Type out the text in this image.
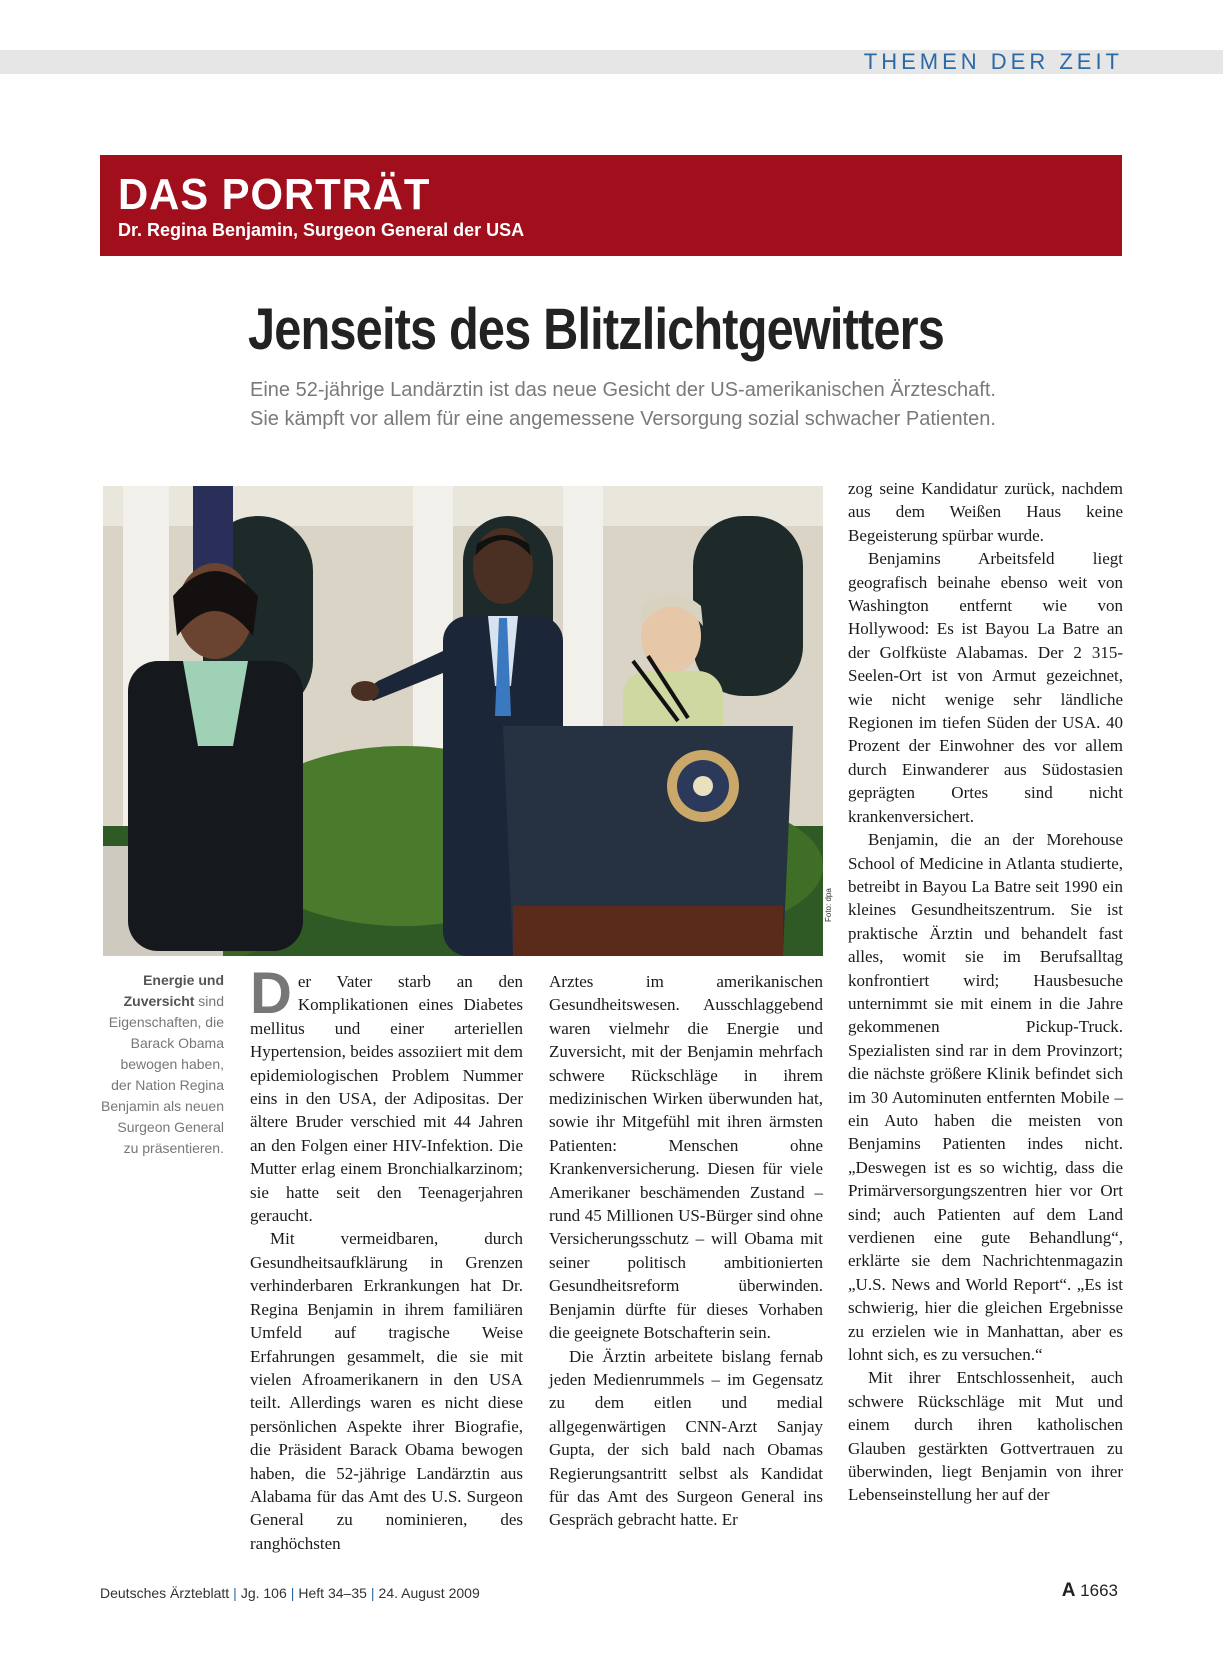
THEMEN DER ZEIT
DAS PORTRÄT
Dr. Regina Benjamin, Surgeon General der USA
Jenseits des Blitzlichtgewitters
Eine 52-jährige Landärztin ist das neue Gesicht der US-amerikanischen Ärzteschaft.
Sie kämpft vor allem für eine angemessene Versorgung sozial schwacher Patienten.
Foto: dpa
Energie und Zuversicht sind Eigenschaften, die Barack Obama bewogen haben, der Nation Regina Benjamin als neuen Surgeon General zu präsentieren.
D er Vater starb an den Komplikationen eines Diabetes mellitus und einer arteriellen Hypertension, beides assoziiert mit dem epidemiologischen Problem Nummer eins in den USA, der Adipositas. Der ältere Bruder verschied mit 44 Jahren an den Folgen einer HIV-Infektion. Die Mutter erlag einem Bronchialkarzinom; sie hatte seit den Teenagerjahren geraucht.

Mit vermeidbaren, durch Gesundheitsaufklärung in Grenzen verhinderbaren Erkrankungen hat Dr. Regina Benjamin in ihrem familiären Umfeld auf tragische Weise Erfahrungen gesammelt, die sie mit vielen Afroamerikanern in den USA teilt. Allerdings waren es nicht diese persönlichen Aspekte ihrer Biografie, die Präsident Barack Obama bewogen haben, die 52-jährige Landärztin aus Alabama für das Amt des U.S. Surgeon General zu nominieren, des ranghöchsten

Arztes im amerikanischen Gesundheitswesen. Ausschlaggebend waren vielmehr die Energie und Zuversicht, mit der Benjamin mehrfach schwere Rückschläge in ihrem medizinischen Wirken überwunden hat, sowie ihr Mitgefühl mit ihren ärmsten Patienten: Menschen ohne Krankenversicherung. Diesen für viele Amerikaner beschämenden Zustand – rund 45 Millionen US-Bürger sind ohne Versicherungsschutz – will Obama mit seiner politisch ambitionierten Gesundheitsreform überwinden. Benjamin dürfte für dieses Vorhaben die geeignete Botschafterin sein.

Die Ärztin arbeitete bislang fernab jeden Medienrummels – im Gegensatz zu dem eitlen und medial allgegenwärtigen CNN-Arzt Sanjay Gupta, der sich bald nach Obamas Regierungsantritt selbst als Kandidat für das Amt des Surgeon General ins Gespräch gebracht hatte. Er

zog seine Kandidatur zurück, nachdem aus dem Weißen Haus keine Begeisterung spürbar wurde.

Benjamins Arbeitsfeld liegt geografisch beinahe ebenso weit von Washington entfernt wie von Hollywood: Es ist Bayou La Batre an der Golfküste Alabamas. Der 2 315-Seelen-Ort ist von Armut gezeichnet, wie nicht wenige sehr ländliche Regionen im tiefen Süden der USA. 40 Prozent der Einwohner des vor allem durch Einwanderer aus Südostasien geprägten Ortes sind nicht krankenversichert.

Benjamin, die an der Morehouse School of Medicine in Atlanta studierte, betreibt in Bayou La Batre seit 1990 ein kleines Gesundheitszentrum. Sie ist praktische Ärztin und behandelt fast alles, womit sie im Berufsalltag konfrontiert wird; Hausbesuche unternimmt sie mit einem in die Jahre gekommenen Pickup-Truck. Spezialisten sind rar in dem Provinzort; die nächste größere Klinik befindet sich im 30 Autominuten entfernten Mobile – ein Auto haben die meisten von Benjamins Patienten indes nicht. „Deswegen ist es so wichtig, dass die Primärversorgungszentren hier vor Ort sind; auch Patienten auf dem Land verdienen eine gute Behandlung“, erklärte sie dem Nachrichtenmagazin „U.S. News and World Report“. „Es ist schwierig, hier die gleichen Ergebnisse zu erzielen wie in Manhattan, aber es lohnt sich, es zu versuchen.“

Mit ihrer Entschlossenheit, auch schwere Rückschläge mit Mut und einem durch ihren katholischen Glauben gestärkten Gottvertrauen zu überwinden, liegt Benjamin von ihrer Lebenseinstellung her auf der

Deutsches Ärzteblatt | Jg. 106 | Heft 34–35 | 24. August 2009	A 1663
